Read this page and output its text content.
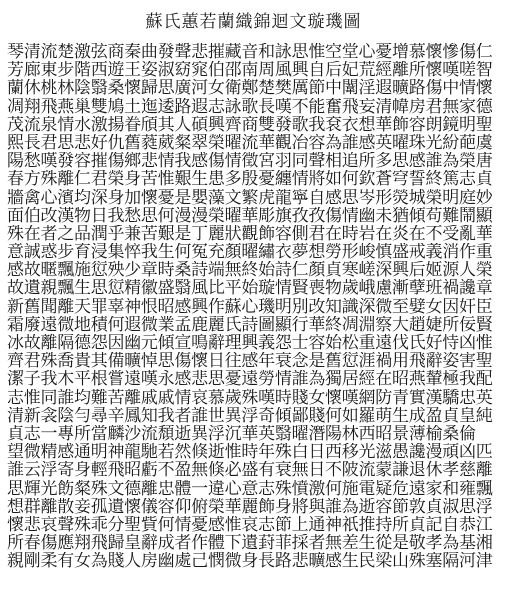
蘇氏蕙若蘭織錦迴文璇璣圖
琴清流楚激弦商秦曲發聲悲摧藏音和詠思惟空堂心憂增慕懷慘傷仁
芳廊東步階西遊王姿淑窈窕伯邵南周風興自后妃荒經離所懷嘆嗟智
蘭休桃林陰翳桑懷歸思廣河女衛鄭楚樊厲節中闈淫遐曠路傷中情懷
凋翔飛燕巢雙鳩土迤逶路遐志詠歌長嘆不能奮飛妄清幃房君無家德
茂流泉情水激揚眷頎其人碩興齊商雙發歌我袞衣想華飾容朗鏡明聖
熙長君思悲好仇舊蕤葳粲翠榮曜流華觀冶容為誰感英曜珠光紛葩虞
陽愁嘆發容摧傷鄉悲情我感傷情徵宮羽同聲相追所多思感誰為榮唐
春方殊離仁君榮身苦惟艱生患多殷憂纏情將如何欽蒼穹誓終篤志貞
牆禽心濱均深身加懷憂是嬰藻文繁虎龍寧自感思岑形熒城榮明庭妙
面伯改漢物日我愁思何漫漫榮曜華彫旗孜孜傷情幽未猶傾苟難鬧顯
殊在者之品潤乎兼苦艱是丁麗狀觀飾容側君在時岩在炎在不受亂華
意誠惑步育浸集悴我生何冤充顏曜繡衣夢想勞形峻慎盛戒義消作重
感故暱飄施愆殃少章時桑詩端無終始詩仁顏貞寒嵯深興后姬源人榮
故遺親飄生思愆精徽盛翳風比平始璇情賢喪物歲峨慮漸孽班禍讒章
新舊聞離天罪辜神恨昭感興作蘇心璣明別改知識深微至嬖女因奸臣
霜廢遠微地積何遐微業孟鹿麗氏詩圖顯行華終凋淵察大趙婕所佞賢
冰故離隔德怨因幽元傾宣鳴辭理興義怨士容始松重遠伐氏好恃凶惟
齊君殊喬貴其備曠悼思傷懷日往感年衰念是舊愆涯禍用飛辭姿害聖
潔子我木平根嘗遠嘆永感悲思憂遠勞情誰為獨居經在昭燕輦極我配
志惟同誰均難苦離戚戚情哀慕歲殊嘆時賤女懷嘆網防青實漢驕忠英
清新衾陰勻尋辛鳳知我者誰世異浮奇傾鄙賤何如羅萌生成盈貞皇純
貞志一專所當麟沙流頹逝異浮沉華英翳曜潛陽林西昭景薄榆桑倫
望微精感通明神龍馳若然倏逝惟時年殊白日西移光滋愚讒漫頑凶匹
誰云浮寄身輕飛昭虧不盈無倏必盛有衰無日不陂流蒙謙退休孝慈離
思輝光飭粲殊文德離忠體一違心意志殊憤激何施電疑危遠家和雍飄
想群離散妾孤遺懷儀容仰俯榮華麗飾身將與誰為逝容節敦貞淑思浮
懷悲哀聲殊乖分聖貲何情憂感惟哀志節上通神祇推持所貞記自恭江
所春傷應翔飛歸皇辭成者作體下遺葑菲採者無差生從是敬孝為基湘
親剛柔有女為賤人房幽處己憫微身長路悲曠感生民梁山殊塞隔河津
